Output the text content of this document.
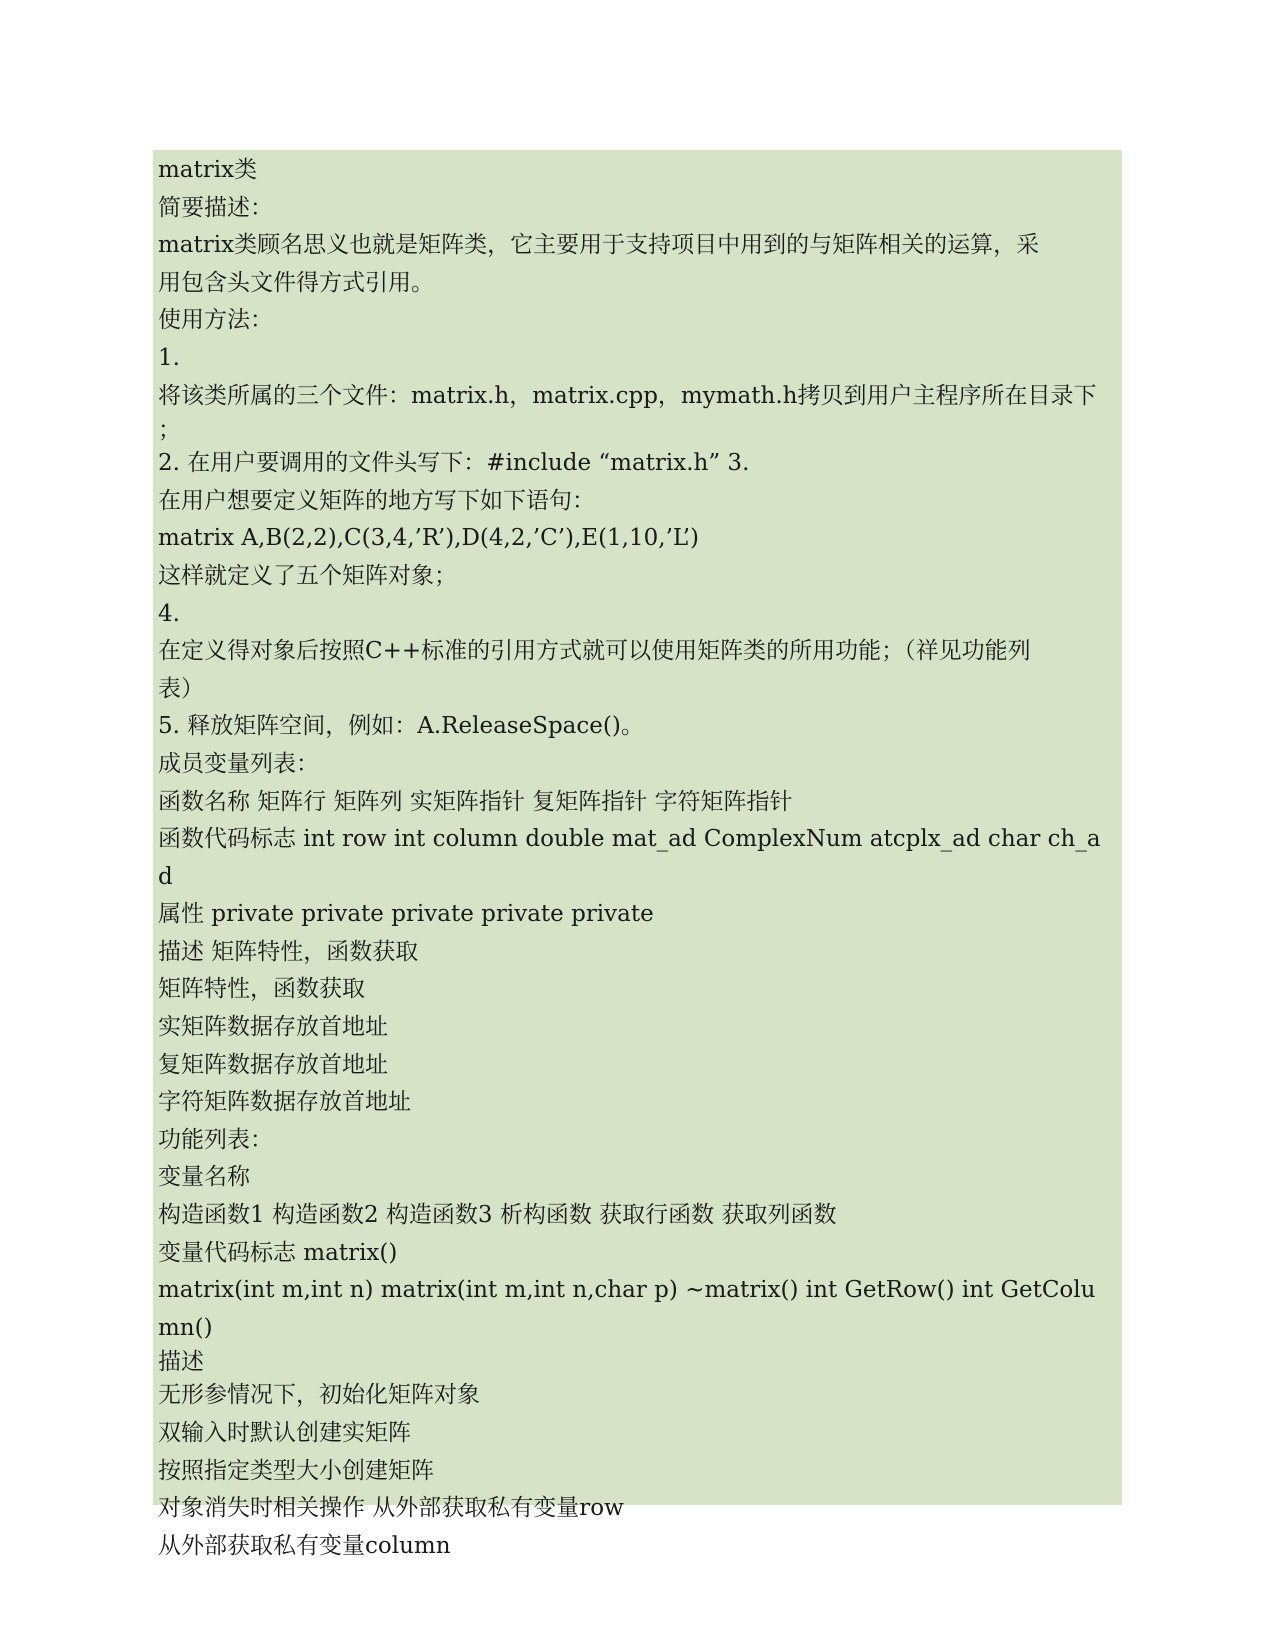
matrix类
简要描述：
matrix类顾名思义也就是矩阵类，它主要用于支持项目中用到的与矩阵相关的运算，采
用包含头文件得方式引用。
使用方法：
1.
将该类所属的三个文件：matrix.h，matrix.cpp，mymath.h拷贝到用户主程序所在目录下
；
2. 在用户要调用的文件头写下：#include “matrix.h” 3.
在用户想要定义矩阵的地方写下如下语句：
matrix A,B(2,2),C(3,4,’R’),D(4,2,’C’),E(1,10,’L’)
这样就定义了五个矩阵对象；
4.
在定义得对象后按照C++标准的引用方式就可以使用矩阵类的所用功能；（祥见功能列
表）
5. 释放矩阵空间，例如：A.ReleaseSpace()。
成员变量列表：
函数名称 矩阵行 矩阵列 实矩阵指针 复矩阵指针 字符矩阵指针
函数代码标志 int row int column double mat_ad ComplexNum atcplx_ad char ch_ad
属性 private private private private private
描述 矩阵特性，函数获取
矩阵特性，函数获取
实矩阵数据存放首地址
复矩阵数据存放首地址
字符矩阵数据存放首地址
功能列表：
变量名称
构造函数1 构造函数2 构造函数3 析构函数 获取行函数 获取列函数
变量代码标志 matrix()
matrix(int m,int n) matrix(int m,int n,char p) ~matrix() int GetRow() int GetColumn()
描述
无形参情况下，初始化矩阵对象
双输入时默认创建实矩阵
按照指定类型大小创建矩阵
对象消失时相关操作 从外部获取私有变量row
从外部获取私有变量column
